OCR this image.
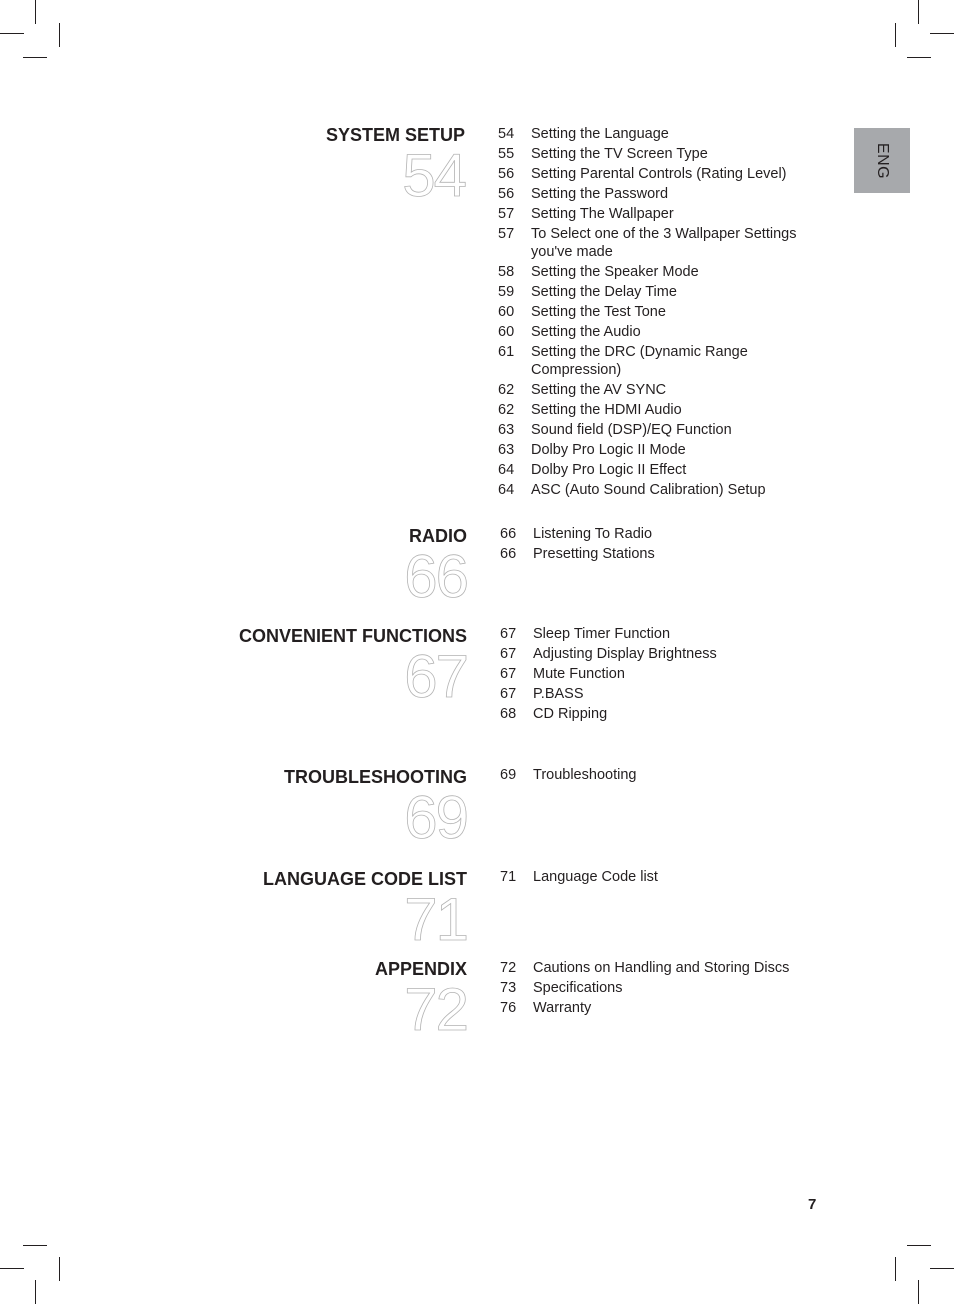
ENG
SYSTEM SETUP
54
54	Setting the Language
55	Setting the TV Screen Type
56	Setting Parental Controls (Rating Level)
56	Setting the Password
57	Setting The Wallpaper
57	To Select one of the 3 Wallpaper Settings you've made
58	Setting the Speaker Mode
59	Setting the Delay Time
60	Setting the Test Tone
60	Setting the Audio
61	Setting the DRC (Dynamic Range Compression)
62	Setting the AV SYNC
62	Setting the HDMI Audio
63	Sound field (DSP)/EQ Function
63	Dolby Pro Logic II Mode
64	Dolby Pro Logic II Effect
64	ASC (Auto Sound Calibration) Setup
RADIO
66
66	Listening To Radio
66	Presetting Stations
CONVENIENT FUNCTIONS
67
67	Sleep Timer Function
67	Adjusting Display Brightness
67	Mute Function
67	P.BASS
68	CD Ripping
TROUBLESHOOTING
69
69	Troubleshooting
LANGUAGE CODE LIST
71
71	Language Code list
APPENDIX
72
72	Cautions on Handling and Storing Discs
73	Specifications
76	Warranty
7
